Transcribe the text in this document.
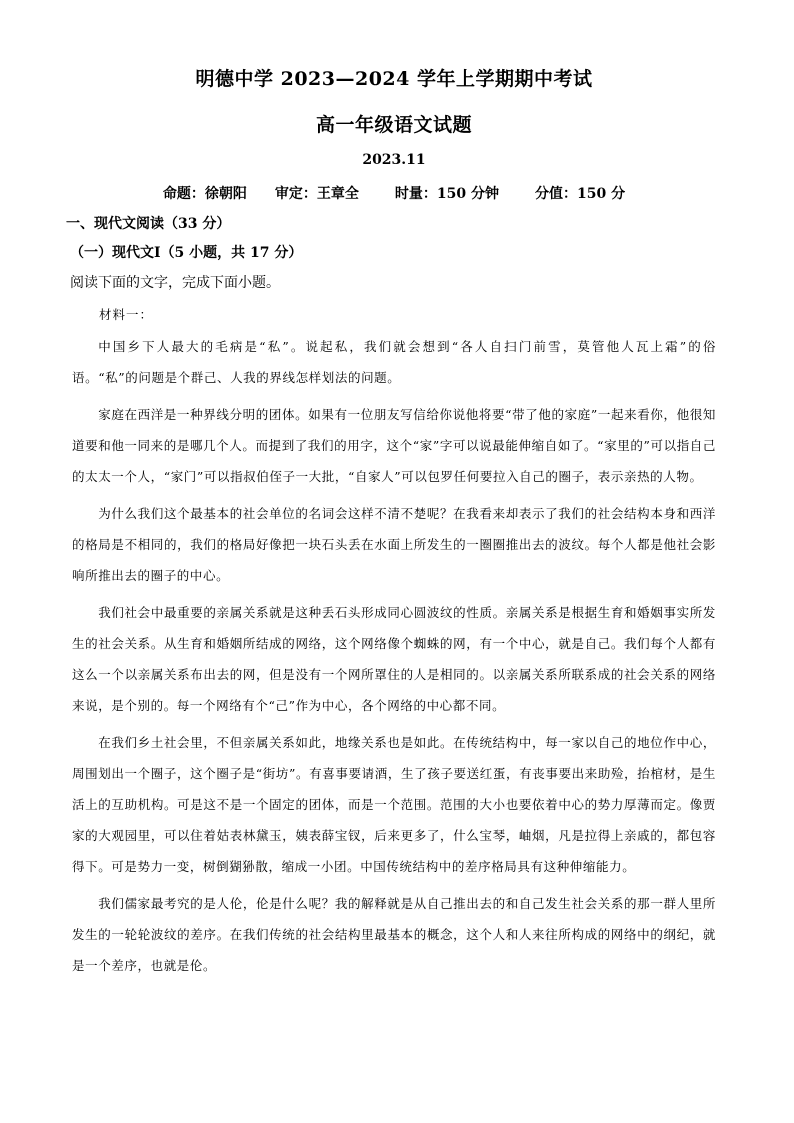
明德中学 2023—2024 学年上学期期中考试
高一年级语文试题
2023.11
命题：徐朝阳 审定：王章全	时量：150 分钟	分值：150 分
一、现代文阅读（33 分）
（一）现代文Ⅰ（5 小题，共 17 分）
阅读下面的文字，完成下面小题。
材料一：

中国乡下人最大的毛病是“私”。说起私，我们就会想到“各人自扫门前雪，莫管他人瓦上霜”的俗语。“私”的问题是个群己、人我的界线怎样划法的问题。

家庭在西洋是一种界线分明的团体。如果有一位朋友写信给你说他将要“带了他的家庭”一起来看你，他很知道要和他一同来的是哪几个人。而提到了我们的用字，这个“家”字可以说最能伸缩自如了。“家里的”可以指自己的太太一个人，“家门”可以指叔伯侄子一大批，“自家人”可以包罗任何要拉入自己的圈子，表示亲热的人物。

为什么我们这个最基本的社会单位的名词会这样不清不楚呢？在我看来却表示了我们的社会结构本身和西洋的格局是不相同的，我们的格局好像把一块石头丢在水面上所发生的一圈圈推出去的波纹。每个人都是他社会影响所推出去的圈子的中心。

我们社会中最重要的亲属关系就是这种丢石头形成同心圆波纹的性质。亲属关系是根据生育和婚姻事实所发生的社会关系。从生育和婚姻所结成的网络，这个网络像个蜘蛛的网，有一个中心，就是自己。我们每个人都有这么一个以亲属关系布出去的网，但是没有一个网所罩住的人是相同的。以亲属关系所联系成的社会关系的网络来说，是个别的。每一个网络有个“己”作为中心，各个网络的中心都不同。

在我们乡土社会里，不但亲属关系如此，地缘关系也是如此。在传统结构中，每一家以自己的地位作中心，周围划出一个圈子，这个圈子是“街坊”。有喜事要请酒，生了孩子要送红蛋，有丧事要出来助殓，抬棺材，是生活上的互助机构。可是这不是一个固定的团体，而是一个范围。范围的大小也要依着中心的势力厚薄而定。像贾家的大观园里，可以住着姑表林黛玉，姨表薛宝钗，后来更多了，什么宝琴，岫烟，凡是拉得上亲戚的，都包容得下。可是势力一变，树倒猢狲散，缩成一小团。中国传统结构中的差序格局具有这种伸缩能力。

我们儒家最考究的是人伦，伦是什么呢？我的解释就是从自己推出去的和自己发生社会关系的那一群人里所发生的一轮轮波纹的差序。在我们传统的社会结构里最基本的概念，这个人和人来往所构成的网络中的纲纪，就是一个差序，也就是伦。
